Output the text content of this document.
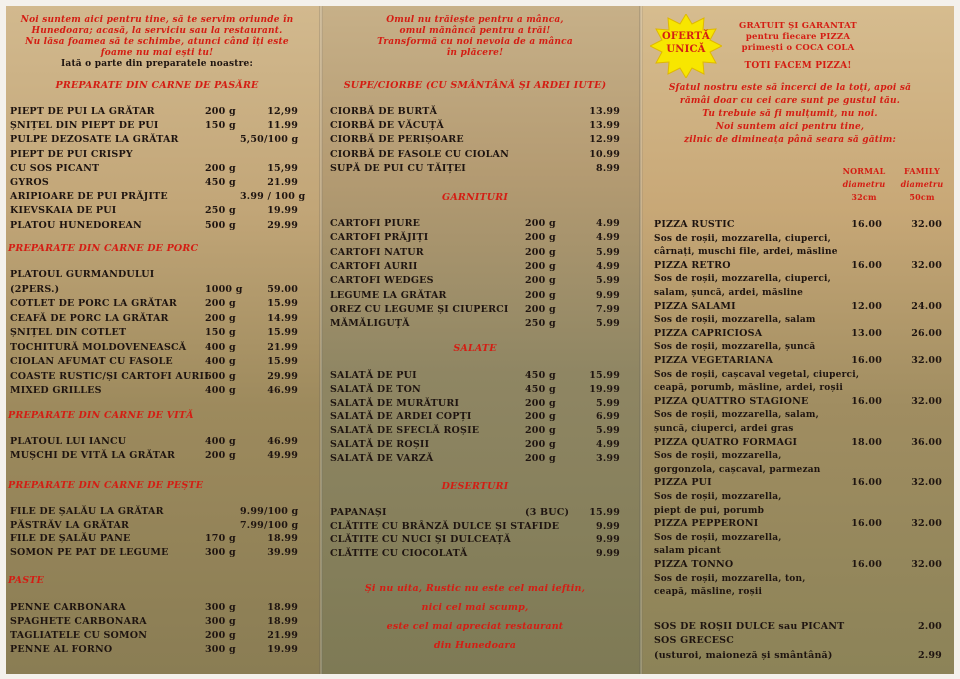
Noi suntem aici pentru tine, să te servim oriunde în
Hunedoara; acasă, la serviciu sau la restaurant.
Nu lăsa foamea să te schimbe, atunci când îți este
foame nu mai ești tu!
Iată o parte din preparatele noastre:
PREPARATE DIN CARNE DE PASĂRE
PIEPT DE PUI LA GRĂTAR	200 g	12,99
ȘNIȚEL DIN PIEPT DE PUI	150 g	11.99
PULPE DEZOSATE LA GRĂTAR	5,50/100 g
PIEPT DE PUI CRISPY
CU SOS PICANT	200 g	15,99
GYROS	450 g	21.99
ARIPIOARE DE PUI PRĂJITE	3.99 / 100 g
KIEVSKAIA DE PUI	250 g	19.99
PLATOU HUNEDOREAN	500 g	29.99
PREPARATE DIN CARNE DE PORC
PLATOUL GURMANDULUI
(2PERS.)	1000 g	59.00
COTLET DE PORC LA GRĂTAR	200 g	15.99
CEAFĂ DE PORC LA GRĂTAR	200 g	14.99
ȘNIȚEL DIN COTLET	150 g	15.99
TOCHITURĂ MOLDOVENEASCĂ 400 g	21.99
CIOLAN AFUMAT CU FASOLE	400 g	15.99
COASTE RUSTIC/ȘI CARTOFI AURII
600 g	29.99
MIXED GRILLES	400 g	46.99
PREPARATE DIN CARNE DE VITĂ
PLATOUL LUI IANCU	400 g	46.99
MUȘCHI DE VITĂ LA GRĂTAR	200 g	49.99
PREPARATE DIN CARNE DE PEȘTE
FILE DE ȘALĂU LA GRĂTAR	9.99/100 g
PĂSTRĂV LA GRĂTAR	7.99/100 g
FILE DE ȘALĂU PANE	170 g	18.99
SOMON PE PAT DE LEGUME	300 g	39.99
PASTE
PENNE CARBONARA	300 g	18.99
SPAGHETE CARBONARA	300 g	18.99
TAGLIATELE CU SOMON	200 g	21.99
PENNE AL FORNO	300 g	19.99
Omul nu trăiește pentru a mânca,
omul mănâncă pentru a trăi!
Transformă cu noi nevoia de a mânca
în plăcere!
SUPE/CIORBE (CU SMÂNTÂNĂ ȘI ARDEI IUTE)
CIORBĂ DE BURTĂ	13.99
CIORBĂ DE VĂCUȚĂ	13.99
CIORBĂ DE PERIȘOARE	12.99
CIORBĂ DE FASOLE CU CIOLAN	10.99
SUPĂ DE PUI CU TĂIȚEI	8.99
GARNITURI
CARTOFI PIURE	200 g	4.99
CARTOFI PRĂJIȚI	200 g	4.99
CARTOFI NATUR	200 g	5.99
CARTOFI AURII	200 g	4.99
CARTOFI WEDGES	200 g	5.99
LEGUME LA GRĂTAR	200 g	9.99
OREZ CU LEGUME ȘI CIUPERCI 200 g	7.99
MĂMĂLIGUȚĂ	250 g	5.99
SALATE
SALATĂ DE PUI	450 g	15.99
SALATĂ DE TON	450 g	19.99
SALATĂ DE MURĂTURI	200 g	5.99
SALATĂ DE ARDEI COPȚI	200 g	6.99
SALATĂ DE SFECLĂ ROȘIE	200 g	5.99
SALATĂ DE ROȘII	200 g	4.99
SALATĂ DE VARZĂ	200 g	3.99
DESERTURI
PAPANAȘI	(3 BUC)	15.99
CLĂTITE CU BRÂNZĂ DULCE ȘI STAFIDE	9.99
CLĂTITE CU NUCI ȘI DULCEAȚĂ	9.99
CLĂTITE CU CIOCOLATĂ	9.99
Și nu uita, Rustic nu este cel mai ieftin,
nici cel mai scump,
este cel mai apreciat restaurant
din Hunedoara
OFERTĂ
UNICĂ
GRATUIT ȘI GARANTAT
pentru fiecare PIZZA
primești o COCA COLA
TOTI FACEM PIZZA!
Sfatul nostru este să încerci de la toți, apoi să
rămâi doar cu cei care sunt pe gustul tău.
Tu trebuie să fi mulțumit, nu noi.
Noi suntem aici pentru tine,
zilnic de dimineața până seara să gătim:
NORMAL
diametru
32cm
FAMILY
diametru
50cm
PIZZA RUSTIC	16.00	32.00
Sos de roșii, mozzarella, ciuperci,
cârnați, muschi file, ardei, măsline
PIZZA RETRO	16.00	32.00
Sos de roșii, mozzarella, ciuperci,
salam, șuncă, ardei, măsline
PIZZA SALAMI	12.00	24.00
Sos de roșii, mozzarella, salam
PIZZA CAPRICIOSA	13.00	26.00
Sos de roșii, mozzarella, șuncă
PIZZA VEGETARIANA	16.00	32.00
Sos de roșii, cașcaval vegetal, ciuperci,
ceapă, porumb, măsline, ardei, roșii
PIZZA QUATTRO STAGIONE	16.00	32.00
Sos de roșii, mozzarella, salam,
șuncă, ciuperci, ardei gras
PIZZA QUATRO FORMAGI	18.00	36.00
Sos de roșii, mozzarella,
gorgonzola, cașcaval, parmezan
PIZZA PUI	16.00	32.00
Sos de roșii, mozzarella,
piept de pui, porumb
PIZZA PEPPERONI	16.00	32.00
Sos de roșii, mozzarella,
salam picant
PIZZA TONNO	16.00	32.00
Sos de roșii, mozzarella, ton,
ceapă, măsline, roșii
SOS DE ROȘII DULCE sau PICANT	2.00
SOS GRECESC
(usturoi, maioneză și smântână)	2.99
